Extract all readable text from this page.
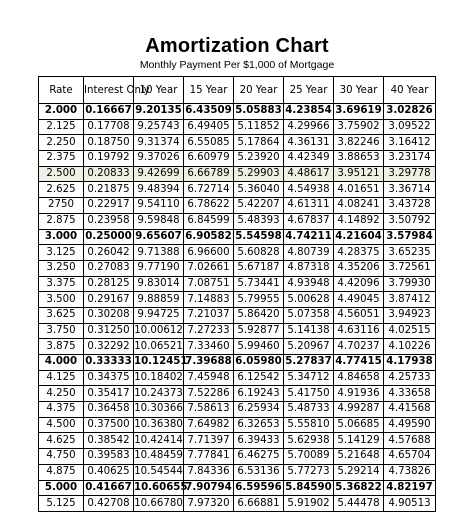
Amortization Chart
Monthly Payment Per $1,000 of Mortgage
Rate	Interest Only	10 Year	15 Year	20 Year	25 Year	30 Year	40 Year
2.000	0.16667	9.20135	6.43509	5.05883	4.23854	3.69619	3.02826
2.125	0.17708	9.25743	6.49405	5.11852	4.29966	3.75902	3.09522
2.250	0.18750	9.31374	6.55085	5.17864	4.36131	3.82246	3.16412
2.375	0.19792	9.37026	6.60979	5.23920	4.42349	3.88653	3.23174
2.500	0.20833	9.42699	6.66789	5.29903	4.48617	3.95121	3.29778
2.625	0.21875	9.48394	6.72714	5.36040	4.54938	4.01651	3.36714
2750	0.22917	9.54110	6.78622	5.42207	4.61311	4.08241	3.43728
2.875	0.23958	9.59848	6.84599	5.48393	4.67837	4.14892	3.50792
3.000	0.25000	9.65607	6.90582	5.54598	4.74211	4.21604	3.57984
3.125	0.26042	9.71388	6.96600	5.60828	4.80739	4.28375	3.65235
3.250	0.27083	9.77190	7.02661	5.67187	4.87318	4.35206	3.72561
3.375	0.28125	9.83014	7.08751	5.73441	4.93948	4.42096	3.79930
3.500	0.29167	9.88859	7.14883	5.79955	5.00628	4.49045	3.87412
3.625	0.30208	9.94725	7.21037	5.86420	5.07358	4.56051	3.94923
3.750	0.31250	10.00612	7.27233	5.92877	5.14138	4.63116	4.02515
3.875	0.32292	10.06521	7.33460	5.99460	5.20967	4.70237	4.10226
4.000	0.33333	10.12451	7.39688	6.05980	5.27837	4.77415	4.17938
4.125	0.34375	10.18402	7.45948	6.12542	5.34712	4.84658	4.25733
4.250	0.35417	10.24373	7.52286	6.19243	5.41750	4.91936	4.33658
4.375	0.36458	10.30366	7.58613	6.25934	5.48733	4.99287	4.41568
4.500	0.37500	10.36380	7.64982	6.32653	5.55810	5.06685	4.49590
4.625	0.38542	10.42414	7.71397	6.39433	5.62938	5.14129	4.57688
4.750	0.39583	10.48459	7.77841	6.46275	5.70089	5.21648	4.65704
4.875	0.40625	10.54544	7.84336	6.53136	5.77273	5.29214	4.73826
5.000	0.41667	10.60655	7.90794	6.59596	5.84590	5.36822	4.82197
5.125	0.42708	10.66780	7.97320	6.66881	5.91902	5.44478	4.90513
